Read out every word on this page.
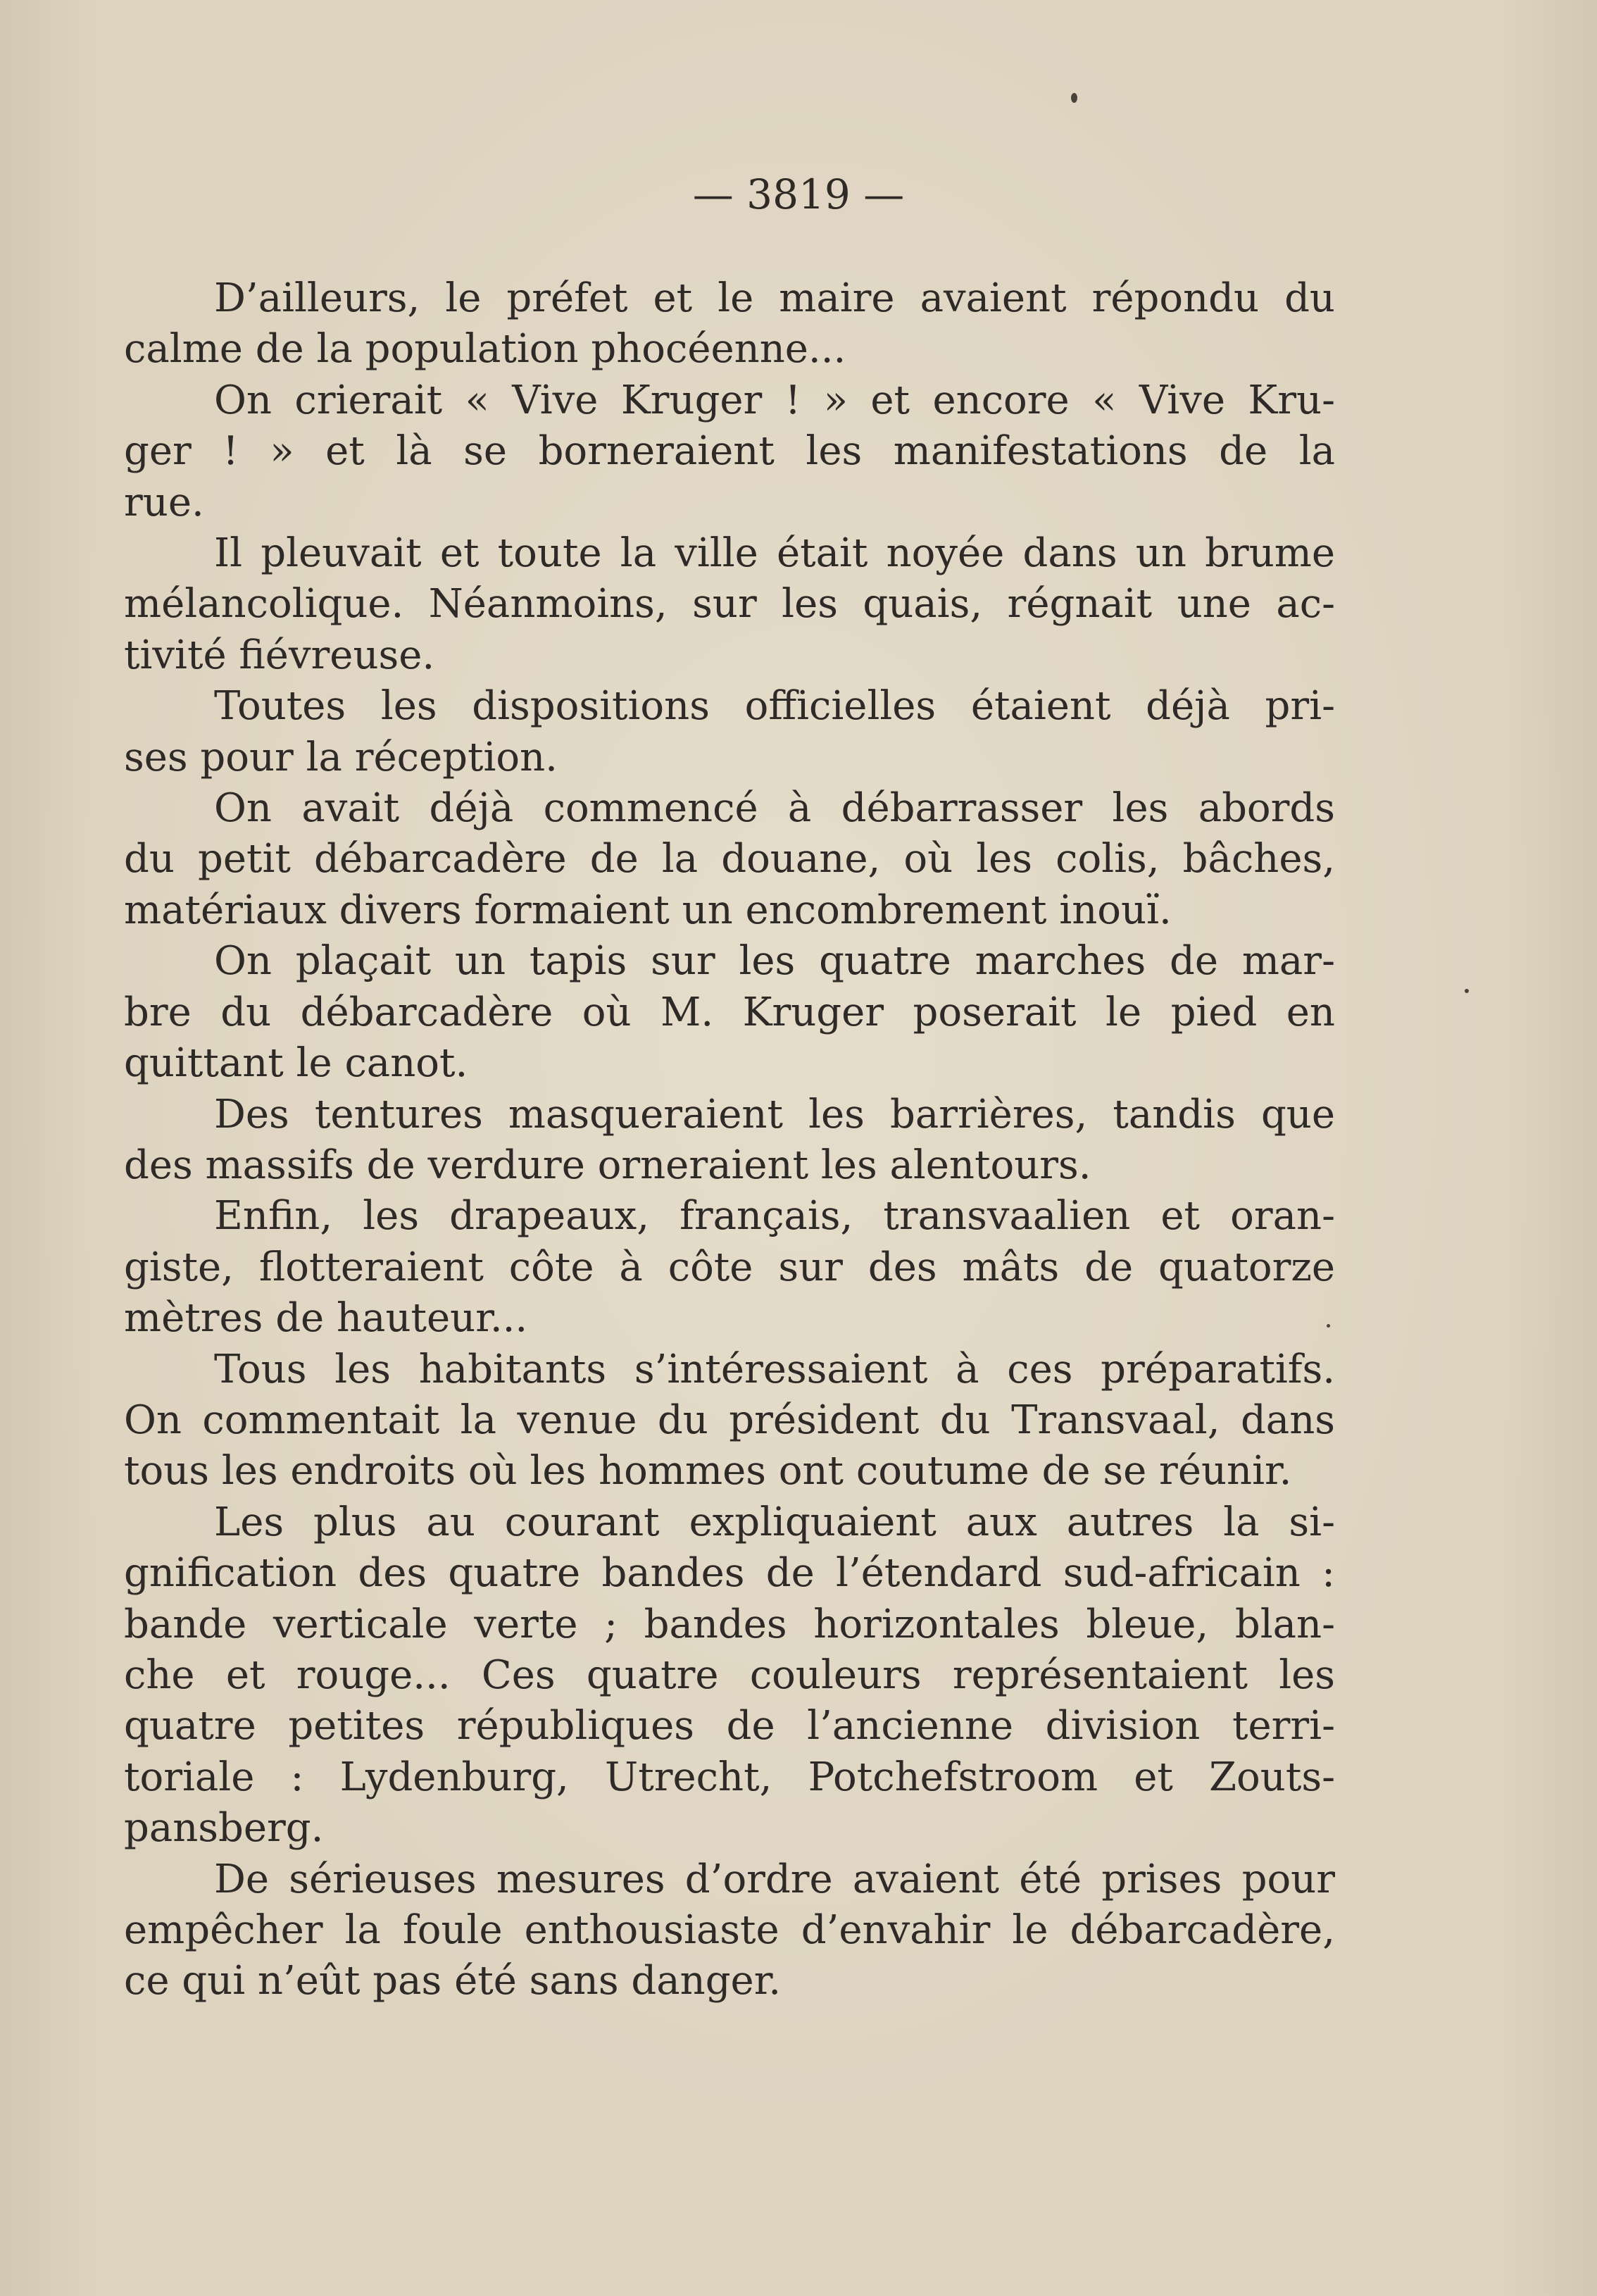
— 3819 —

D’ailleurs, le préfet et le maire avaient répondu du
calme de la population phocéenne...

On crierait « Vive Kruger ! » et encore « Vive Kru-
ger ! » et là se borneraient les manifestations de la
rue.

Il pleuvait et toute la ville était noyée dans un brume
mélancolique. Néanmoins, sur les quais, régnait une ac-
tivité fiévreuse.

Toutes les dispositions officielles étaient déjà pri-
ses pour la réception.

On avait déjà commencé à débarrasser les abords
du petit débarcadère de la douane, où les colis, bâches,
matériaux divers formaient un encombrement inouï.

On plaçait un tapis sur les quatre marches de mar-
bre du débarcadère où M. Kruger poserait le pied en
quittant le canot.

Des tentures masqueraient les barrières, tandis que
des massifs de verdure orneraient les alentours.

Enfin, les drapeaux, français, transvaalien et oran-
giste, flotteraient côte à côte sur des mâts de quatorze
mètres de hauteur...

Tous les habitants s’intéressaient à ces préparatifs.
On commentait la venue du président du Transvaal, dans
tous les endroits où les hommes ont coutume de se réunir.

Les plus au courant expliquaient aux autres la si-
gnification des quatre bandes de l’étendard sud-africain :
bande verticale verte ; bandes horizontales bleue, blan-
che et rouge... Ces quatre couleurs représentaient les
quatre petites républiques de l’ancienne division terri-
toriale : Lydenburg, Utrecht, Potchefstroom et Zouts-
pansberg.

De sérieuses mesures d’ordre avaient été prises pour
empêcher la foule enthousiaste d’envahir le débarcadère,
ce qui n’eût pas été sans danger.
